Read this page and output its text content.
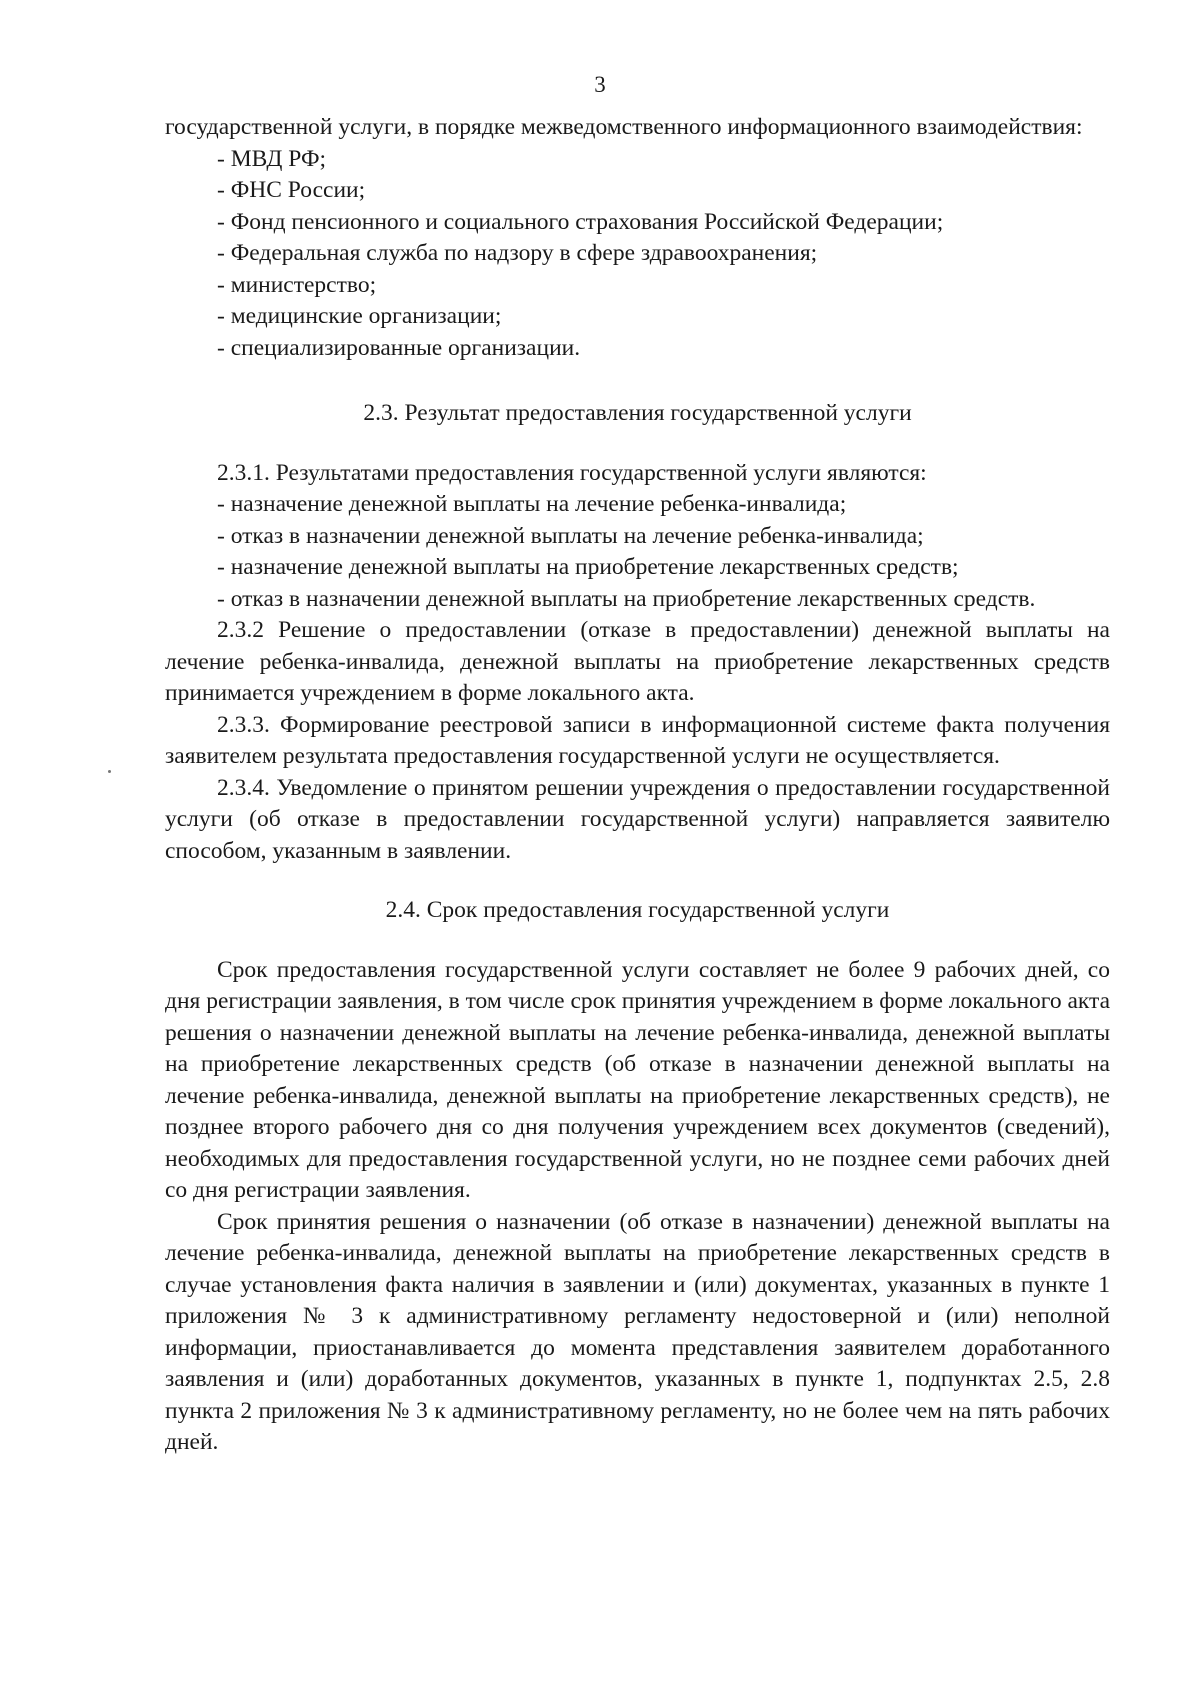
3

государственной услуги, в порядке межведомственного информационного взаимодействия:

- МВД РФ;

- ФНС России;

- Фонд пенсионного и социального страхования Российской Федерации;

- Федеральная служба по надзору в сфере здравоохранения;

- министерство;

- медицинские организации;

- специализированные организации.

2.3. Результат предоставления государственной услуги

2.3.1. Результатами предоставления государственной услуги являются:

- назначение денежной выплаты на лечение ребенка-инвалида;

- отказ в назначении денежной выплаты на лечение ребенка-инвалида;

- назначение денежной выплаты на приобретение лекарственных средств;

- отказ в назначении денежной выплаты на приобретение лекарственных средств.

2.3.2 Решение о предоставлении (отказе в предоставлении) денежной выплаты на лечение ребенка-инвалида, денежной выплаты на приобретение лекарственных средств принимается учреждением в форме локального акта.

2.3.3. Формирование реестровой записи в информационной системе факта получения заявителем результата предоставления государственной услуги не осуществляется.

2.3.4. Уведомление о принятом решении учреждения о предоставлении государственной услуги (об отказе в предоставлении государственной услуги) направляется заявителю способом, указанным в заявлении.

2.4. Срок предоставления государственной услуги

Срок предоставления государственной услуги составляет не более 9 рабочих дней, со дня регистрации заявления, в том числе срок принятия учреждением в форме локального акта решения о назначении денежной выплаты на лечение ребенка-инвалида, денежной выплаты на приобретение лекарственных средств (об отказе в назначении денежной выплаты на лечение ребенка-инвалида, денежной выплаты на приобретение лекарственных средств), не позднее второго рабочего дня со дня получения учреждением всех документов (сведений), необходимых для предоставления государственной услуги, но не позднее семи рабочих дней со дня регистрации заявления.

Срок принятия решения о назначении (об отказе в назначении) денежной выплаты на лечение ребенка-инвалида, денежной выплаты на приобретение лекарственных средств в случае установления факта наличия в заявлении и (или) документах, указанных в пункте 1 приложения № 3 к административному регламенту недостоверной и (или) неполной информации, приостанавливается до момента представления заявителем доработанного заявления и (или) доработанных документов, указанных в пункте 1, подпунктах 2.5, 2.8 пункта 2 приложения № 3 к административному регламенту, но не более чем на пять рабочих дней.
